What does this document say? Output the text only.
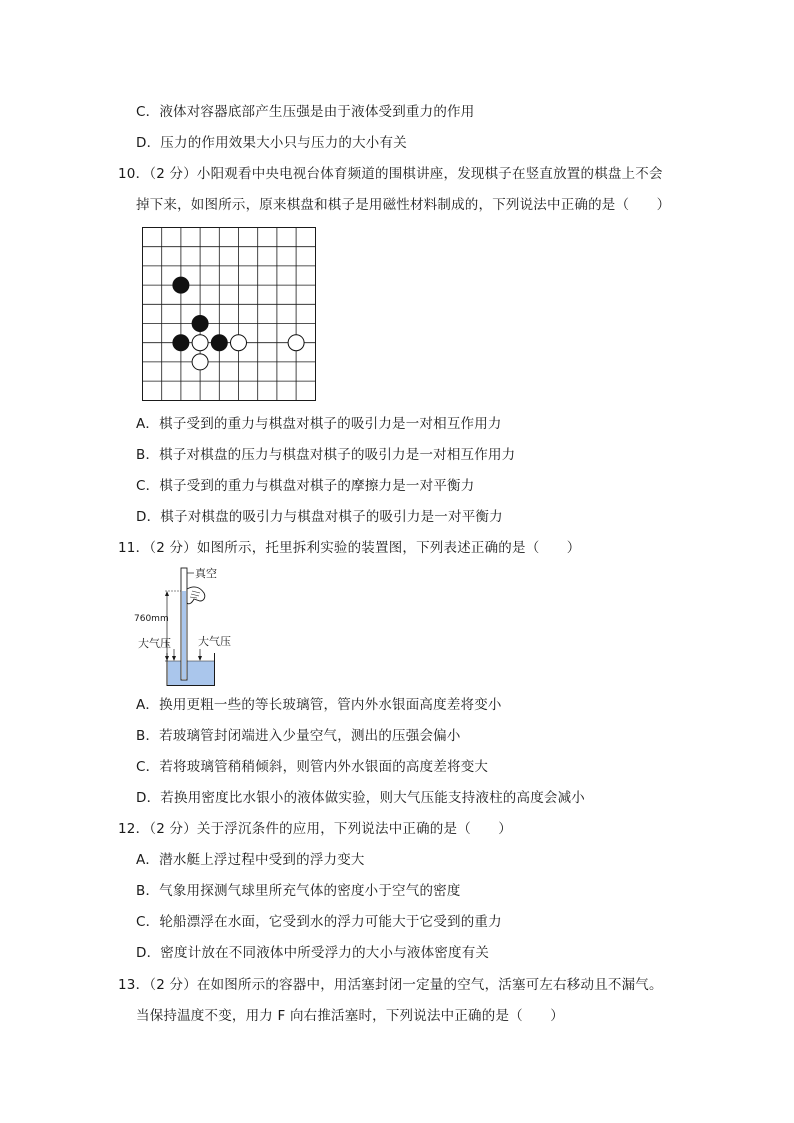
C．液体对容器底部产生压强是由于液体受到重力的作用
D．压力的作用效果大小只与压力的大小有关
10．（2 分）小阳观看中央电视台体育频道的围棋讲座，发现棋子在竖直放置的棋盘上不会
掉下来，如图所示，原来棋盘和棋子是用磁性材料制成的，下列说法中正确的是（　　）
A．棋子受到的重力与棋盘对棋子的吸引力是一对相互作用力
B．棋子对棋盘的压力与棋盘对棋子的吸引力是一对相互作用力
C．棋子受到的重力与棋盘对棋子的摩擦力是一对平衡力
D．棋子对棋盘的吸引力与棋盘对棋子的吸引力是一对平衡力
11．（2 分）如图所示，托里拆利实验的装置图，下列表述正确的是（　　）
真空
760mm
大气压 大气压
A．换用更粗一些的等长玻璃管，管内外水银面高度差将变小
B．若玻璃管封闭端进入少量空气，测出的压强会偏小
C．若将玻璃管稍稍倾斜，则管内外水银面的高度差将变大
D．若换用密度比水银小的液体做实验，则大气压能支持液柱的高度会减小
12．（2 分）关于浮沉条件的应用，下列说法中正确的是（　　）
A．潜水艇上浮过程中受到的浮力变大
B．气象用探测气球里所充气体的密度小于空气的密度
C．轮船漂浮在水面，它受到水的浮力可能大于它受到的重力
D．密度计放在不同液体中所受浮力的大小与液体密度有关
13．（2 分）在如图所示的容器中，用活塞封闭一定量的空气，活塞可左右移动且不漏气。
当保持温度不变，用力 F 向右推活塞时，下列说法中正确的是（　　）
